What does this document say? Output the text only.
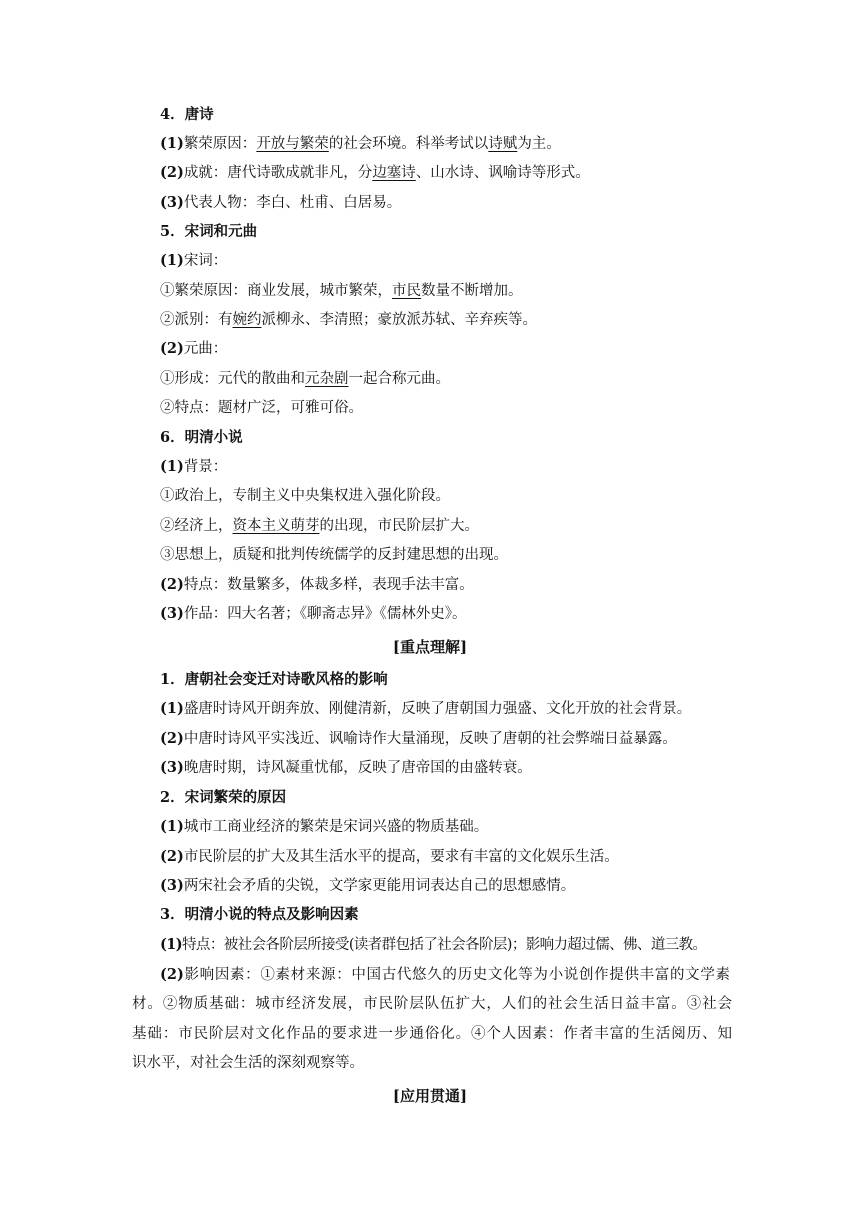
4．唐诗
(1)繁荣原因：开放与繁荣的社会环境。科举考试以诗赋为主。
(2)成就：唐代诗歌成就非凡，分边塞诗、山水诗、讽喻诗等形式。
(3)代表人物：李白、杜甫、白居易。
5．宋词和元曲
(1)宋词：
①繁荣原因：商业发展，城市繁荣，市民数量不断增加。
②派别：有婉约派柳永、李清照；豪放派苏轼、辛弃疾等。
(2)元曲：
①形成：元代的散曲和元杂剧一起合称元曲。
②特点：题材广泛，可雅可俗。
6．明清小说
(1)背景：
①政治上，专制主义中央集权进入强化阶段。
②经济上，资本主义萌芽的出现，市民阶层扩大。
③思想上，质疑和批判传统儒学的反封建思想的出现。
(2)特点：数量繁多，体裁多样，表现手法丰富。
(3)作品：四大名著；《聊斋志异》《儒林外史》。
[重点理解]
1．唐朝社会变迁对诗歌风格的影响
(1)盛唐时诗风开朗奔放、刚健清新，反映了唐朝国力强盛、文化开放的社会背景。
(2)中唐时诗风平实浅近、讽喻诗作大量涌现，反映了唐朝的社会弊端日益暴露。
(3)晚唐时期，诗风凝重忧郁，反映了唐帝国的由盛转衰。
2．宋词繁荣的原因
(1)城市工商业经济的繁荣是宋词兴盛的物质基础。
(2)市民阶层的扩大及其生活水平的提高，要求有丰富的文化娱乐生活。
(3)两宋社会矛盾的尖锐，文学家更能用词表达自己的思想感情。
3．明清小说的特点及影响因素
(1)特点：被社会各阶层所接受(读者群包括了社会各阶层)；影响力超过儒、佛、道三教。
(2)影响因素：①素材来源：中国古代悠久的历史文化等为小说创作提供丰富的文学素
材。②物质基础：城市经济发展，市民阶层队伍扩大，人们的社会生活日益丰富。③社会
基础：市民阶层对文化作品的要求进一步通俗化。④个人因素：作者丰富的生活阅历、知
识水平，对社会生活的深刻观察等。
[应用贯通]
